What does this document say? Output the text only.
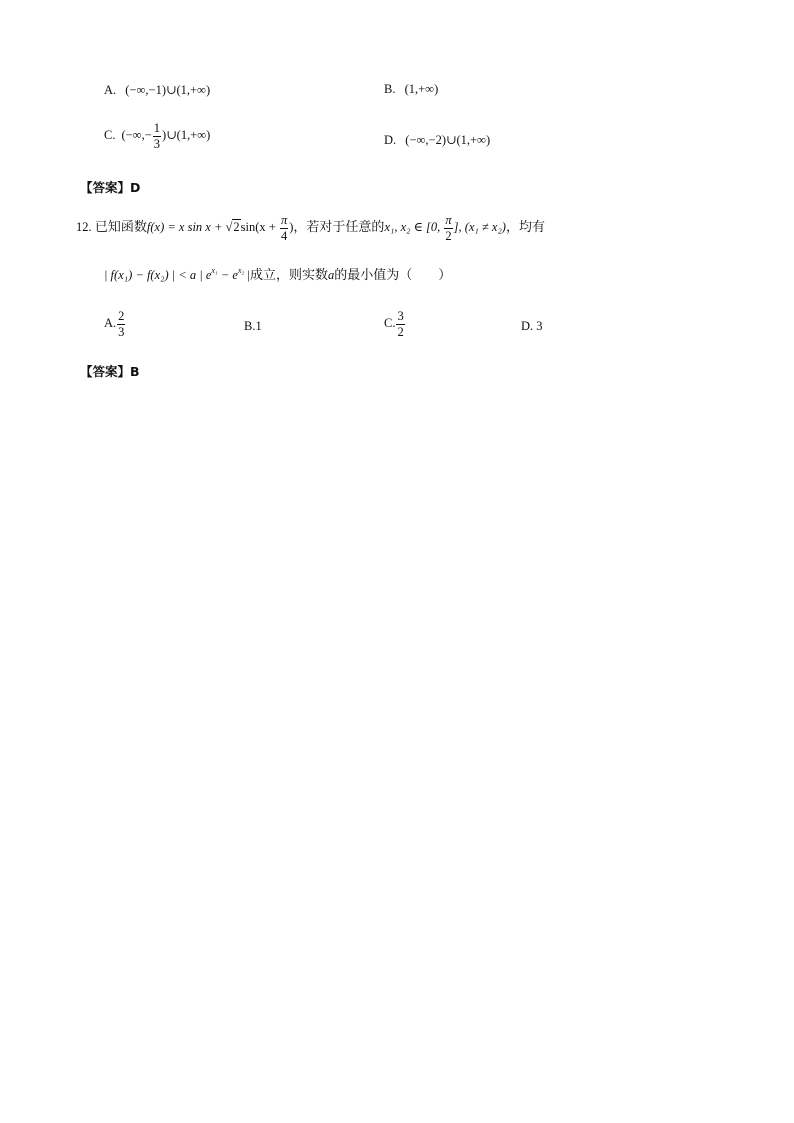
A. (−∞,−1)∪(1,+∞)	B. (1,+∞)
C. (−∞,− $\frac{1}{3}$ )∪(1,+∞)	D. (−∞,−2)∪(1,+∞)
【答案】D
12. 已知函数f(x) = x $\sin x + √2\sin(x + \frac{\pi}{4}$ )，若对于任意的x₁, x₂ ∈ [0, $\frac{\pi}{2}$ ], (x₁ ≠ x₂)，均有
| f(x₁) − f(x₂) | < a | $e^{x_1} - e^{x_2}$ |成立，则实数a的最小值为（　　）
A. $\frac{2}{3}$	B.1	C. $\frac{3}{2}$	D. 3
【答案】B
